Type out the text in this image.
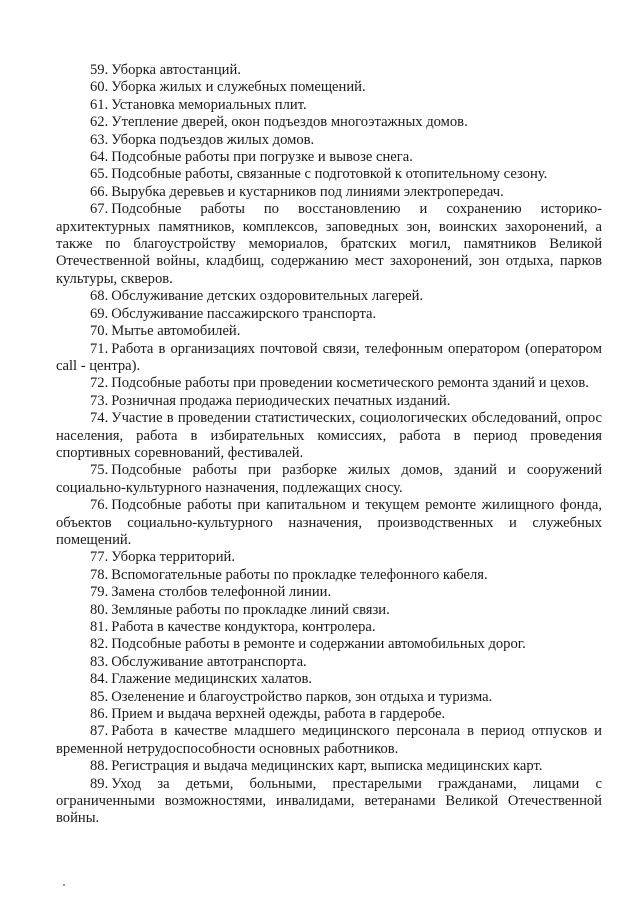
59. Уборка автостанций.

60. Уборка жилых и служебных помещений.

61. Установка мемориальных плит.

62. Утепление дверей, окон подъездов многоэтажных домов.

63. Уборка подъездов жилых домов.

64. Подсобные работы при погрузке и вывозе снега.

65. Подсобные работы, связанные с подготовкой к отопительному сезону.

66. Вырубка деревьев и кустарников под линиями электропередач.

67. Подсобные работы по восстановлению и сохранению историко-архитектурных памятников, комплексов, заповедных зон, воинских захоронений, а также по благоустройству мемориалов, братских могил, памятников Великой Отечественной войны, кладбищ, содержанию мест захоронений, зон отдыха, парков культуры, скверов.

68. Обслуживание детских оздоровительных лагерей.

69. Обслуживание пассажирского транспорта.

70. Мытье автомобилей.

71. Работа в организациях почтовой связи, телефонным оператором (оператором call - центра).

72. Подсобные работы при проведении косметического ремонта зданий и цехов.

73. Розничная продажа периодических печатных изданий.

74. Участие в проведении статистических, социологических обследований, опрос населения, работа в избирательных комиссиях, работа в период проведения спортивных соревнований, фестивалей.

75. Подсобные работы при разборке жилых домов, зданий и сооружений социально-культурного назначения, подлежащих сносу.

76. Подсобные работы при капитальном и текущем ремонте жилищного фонда, объектов социально-культурного назначения, производственных и служебных помещений.

77. Уборка территорий.

78. Вспомогательные работы по прокладке телефонного кабеля.

79. Замена столбов телефонной линии.

80. Земляные работы по прокладке линий связи.

81. Работа в качестве кондуктора, контролера.

82. Подсобные работы в ремонте и содержании автомобильных дорог.

83. Обслуживание автотранспорта.

84. Глажение медицинских халатов.

85. Озеленение и благоустройство парков, зон отдыха и туризма.

86. Прием и выдача верхней одежды, работа в гардеробе.

87. Работа в качестве младшего медицинского персонала в период отпусков и временной нетрудоспособности основных работников.

88. Регистрация и выдача медицинских карт, выписка медицинских карт.

89. Уход за детьми, больными, престарелыми гражданами, лицами с ограниченными возможностями, инвалидами, ветеранами Великой Отечественной войны.
